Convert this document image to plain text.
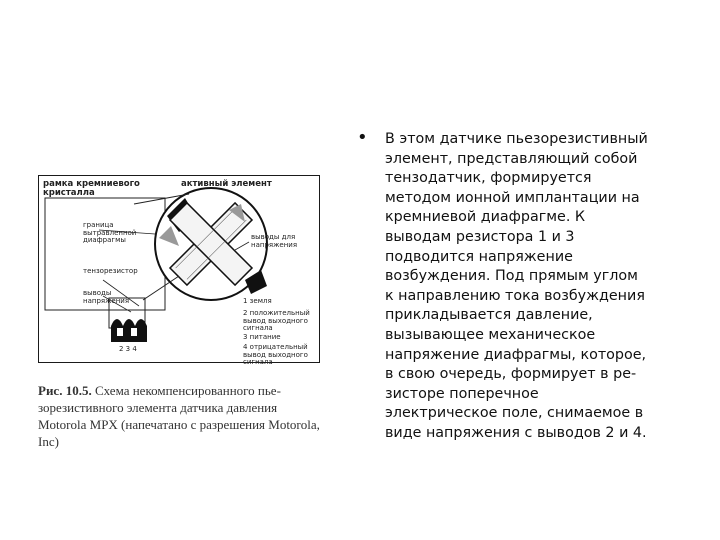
рамка кремниевого
кристалла
активный элемент
граница
вытравленной
диафрагмы
тензорезистор
выводы
напряжения
выводы для
напряжения
1 земля
2 положительный
вывод выходного
сигнала
3 питание
4 отрицательный
вывод выходного
сигнала
2 3 4
Рис. 10.5. Схема некомпенсированного пье-зорезистивного элемента датчика давления Motorola MPX (напечатано с разрешения Motorola, Inc)
• В этом датчике пьезорезистивный
элемент, представляющий собой
тензодатчик, формируется
методом ионной имплантации на
кремниевой диафрагме. К
выводам резистора 1 и 3
подводится напряжение
возбуждения. Под прямым углом
к направлению тока возбуждения
прикладывается давление,
вызывающее механическое
напряжение диафрагмы, которое,
в свою очередь, формирует в ре-
зисторе поперечное
электрическое поле, снимаемое в
виде напряжения с выводов 2 и 4.
